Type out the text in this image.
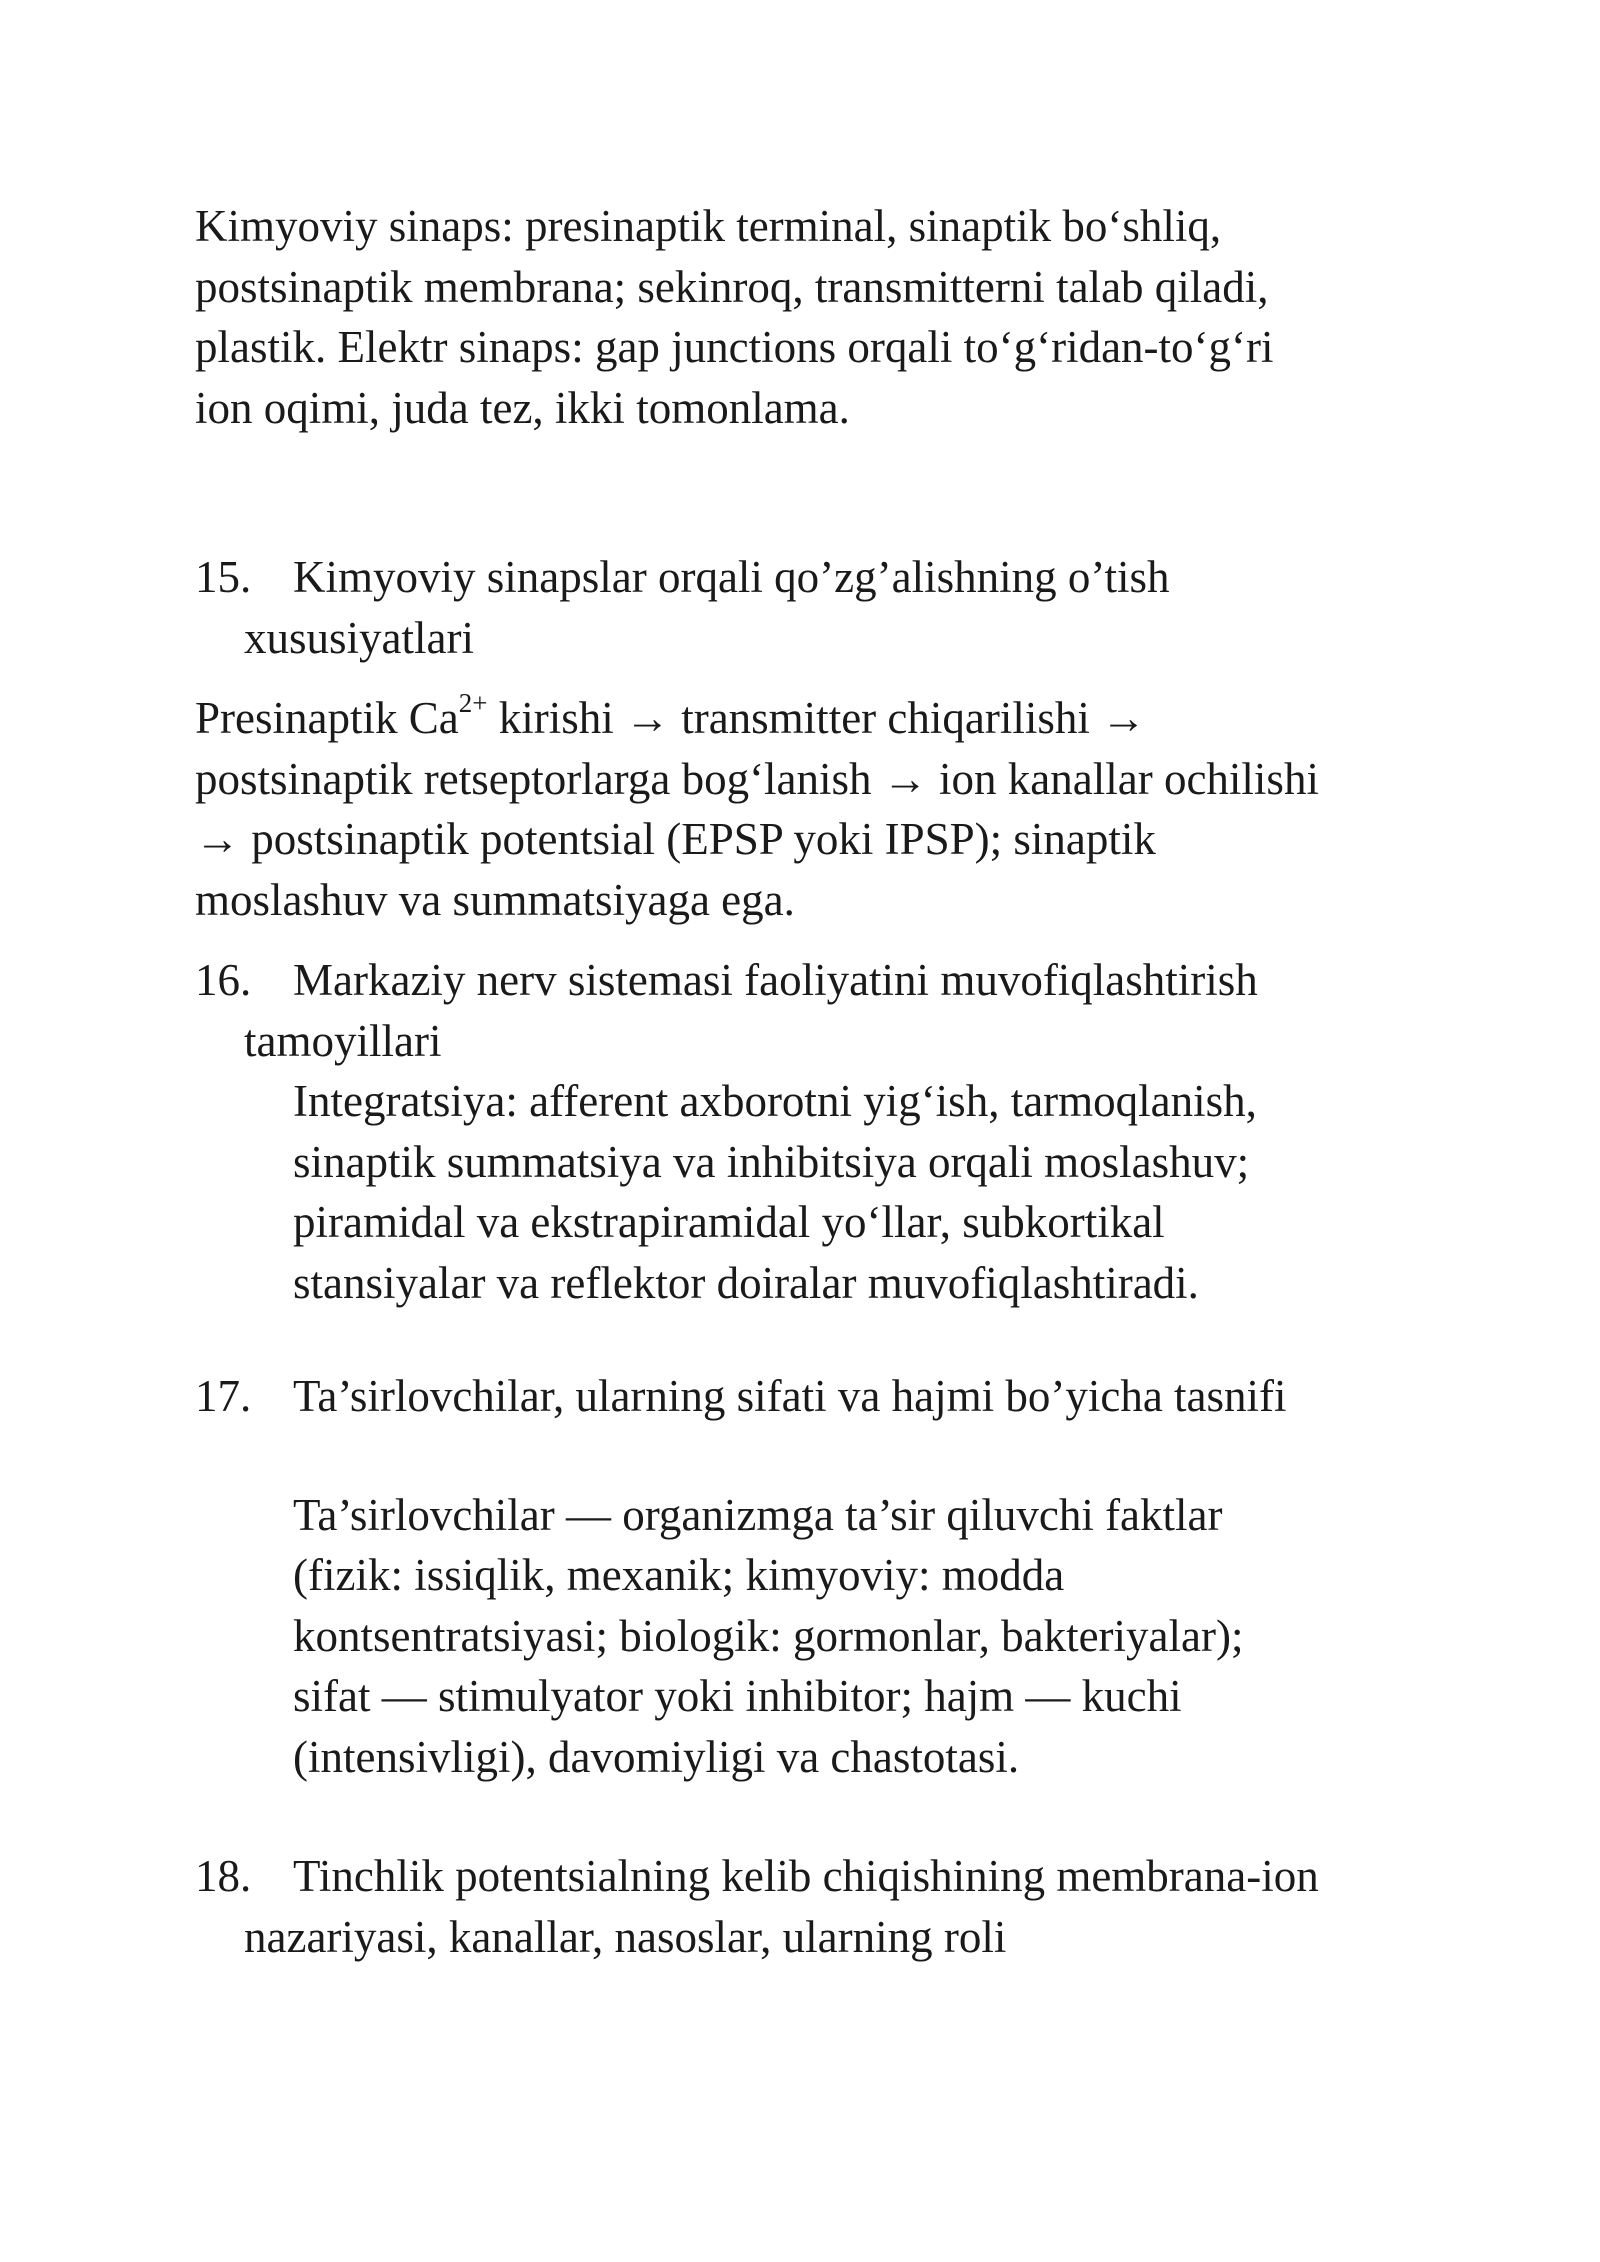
Kimyoviy sinaps: presinaptik terminal, sinaptik bo‘shliq,

postsinaptik membrana; sekinroq, transmitterni talab qiladi,

plastik. Elektr sinaps: gap junctions orqali to‘g‘ridan-to‘g‘ri

ion oqimi, juda tez, ikki tomonlama.

15. Kimyoviy sinapslar orqali qo’zg’alishning o’tish
xususiyatlari

Presinaptik $Ca^{2+}$ kirishi → transmitter chiqarilishi →

postsinaptik retseptorlarga bog‘lanish → ion kanallar ochilishi

→ postsinaptik potentsial (EPSP yoki IPSP); sinaptik

moslashuv va summatsiyaga ega.

16. Markaziy nerv sistemasi faoliyatini muvofiqlashtirish
tamoyillari

Integratsiya: afferent axborotni yig‘ish, tarmoqlanish,

sinaptik summatsiya va inhibitsiya orqali moslashuv;

piramidal va ekstrapiramidal yo‘llar, subkortikal

stansiyalar va reflektor doiralar muvofiqlashtiradi.

17. Ta’sirlovchilar, ularning sifati va hajmi bo’yicha tasnifi

Ta’sirlovchilar — organizmga ta’sir qiluvchi faktlar

(fizik: issiqlik, mexanik; kimyoviy: modda

kontsentratsiyasi; biologik: gormonlar, bakteriyalar);

sifat — stimulyator yoki inhibitor; hajm — kuchi

(intensivligi), davomiyligi va chastotasi.

18. Tinchlik potentsialning kelib chiqishining membrana-ion
nazariyasi, kanallar, nasoslar, ularning roli
